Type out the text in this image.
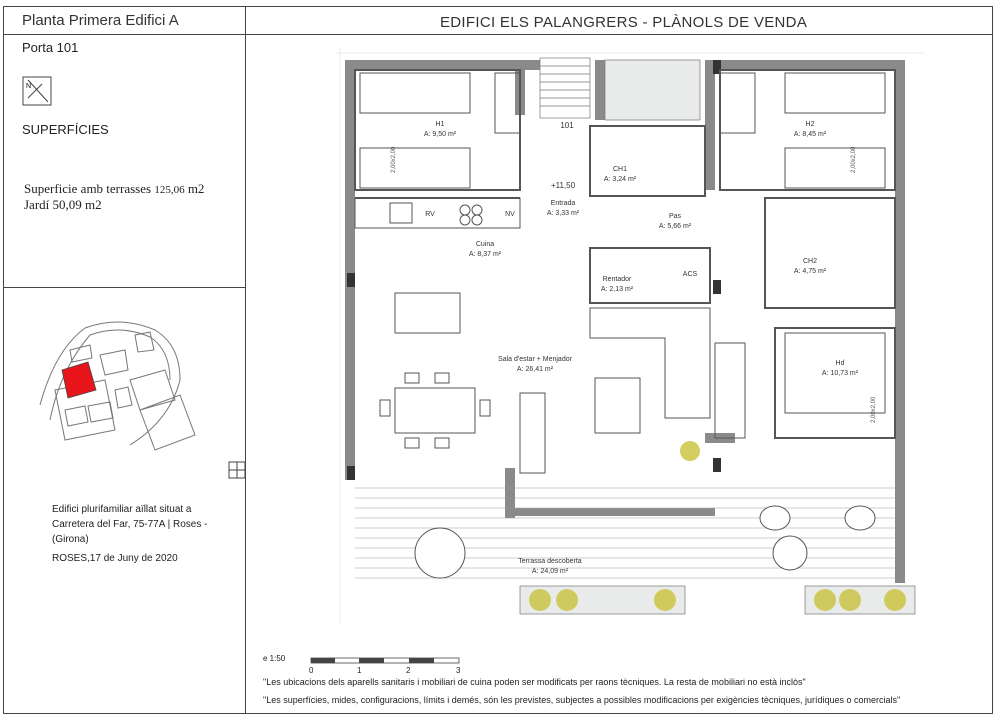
Planta Primera Edifici A	EDIFICI ELS PALANGRERS - PLÀNOLS DE VENDA
Porta 101
N
SUPERFÍCIES
Superficie amb terrasses 125,06 m2
Jardí 50,09 m2
Edifici plurifamiliar aïllat situat a Carretera del Far, 75-77A | Roses - (Girona)
ROSES,17 de Juny de 2020
H1
A: 9,50 m²
H2
A: 8,45 m²
Hd
A: 10,73 m²
CH1
A: 3,24 m²
CH2
A: 4,75 m²
Entrada
A: 3,33 m²
Cuina
A: 8,37 m²
Pas
A: 5,66 m²
Rentador
A: 2,13 m²
Sala d'estar + Menjador
A: 26,41 m²
Terrassa descoberta
A: 24,09 m²
101
+11,50
ACS
RV	NV
2,00x2,00	2,00x2,00
2,00x2,00
e 1:50
0	1	2	3
"Les ubicacions dels aparells sanitaris i mobiliari de cuina poden ser modificats per raons tècniques. La resta de mobiliari no està inclòs"
"Les superfícies, mides, configuracions, límits i demés, són les previstes, subjectes a possibles modificacions per exigències tècniques, jurídiques o comercials"
